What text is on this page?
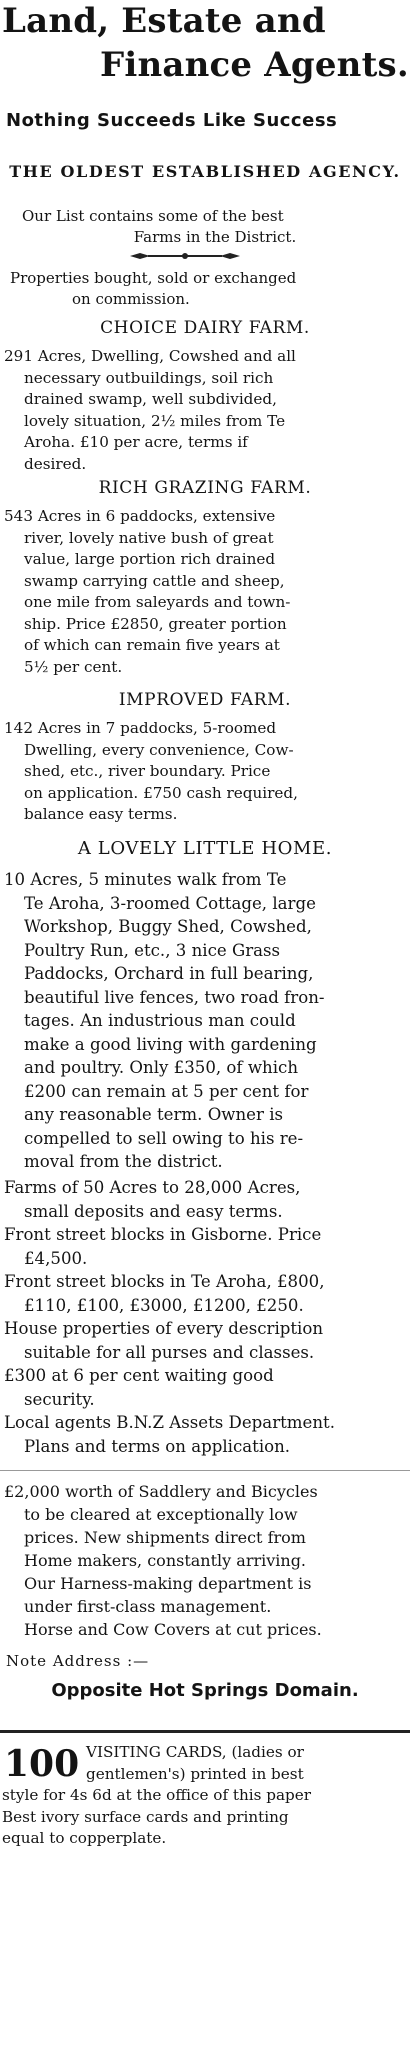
Land, Estate and
Finance Agents.
Nothing Succeeds Like Success
THE OLDEST ESTABLISHED AGENCY.
Our List contains some of the best
Farms in the District.
Properties bought, sold or exchanged
on commission.
CHOICE DAIRY FARM.
291 Acres, Dwelling, Cowshed and all
necessary outbuildings, soil rich
drained swamp, well subdivided,
lovely situation, 2½ miles from Te
Aroha. £10 per acre, terms if
desired.
RICH GRAZING FARM.
543 Acres in 6 paddocks, extensive
river, lovely native bush of great
value, large portion rich drained
swamp carrying cattle and sheep,
one mile from saleyards and town-
ship. Price £2850, greater portion
of which can remain five years at
5½ per cent.
IMPROVED FARM.
142 Acres in 7 paddocks, 5-roomed
Dwelling, every convenience, Cow-
shed, etc., river boundary. Price
on application. £750 cash required,
balance easy terms.
A LOVELY LITTLE HOME.
10 Acres, 5 minutes walk from Te
Te Aroha, 3-roomed Cottage, large
Workshop, Buggy Shed, Cowshed,
Poultry Run, etc., 3 nice Grass
Paddocks, Orchard in full bearing,
beautiful live fences, two road fron-
tages. An industrious man could
make a good living with gardening
and poultry. Only £350, of which
£200 can remain at 5 per cent for
any reasonable term. Owner is
compelled to sell owing to his re-
moval from the district.
Farms of 50 Acres to 28,000 Acres,
small deposits and easy terms.
Front street blocks in Gisborne. Price
£4,500.
Front street blocks in Te Aroha, £800,
£110, £100, £3000, £1200, £250.
House properties of every description
suitable for all purses and classes.
£300 at 6 per cent waiting good
security.
Local agents B.N.Z Assets Department.
Plans and terms on application.
£2,000 worth of Saddlery and Bicycles
to be cleared at exceptionally low
prices. New shipments direct from
Home makers, constantly arriving.
Our Harness-making department is
under first-class management.
Horse and Cow Covers at cut prices.
Note Address :—
Opposite Hot Springs Domain.
100 VISITING CARDS, (ladies or
gentlemen's) printed in best
style for 4s 6d at the office of this paper
Best ivory surface cards and printing
equal to copperplate.
